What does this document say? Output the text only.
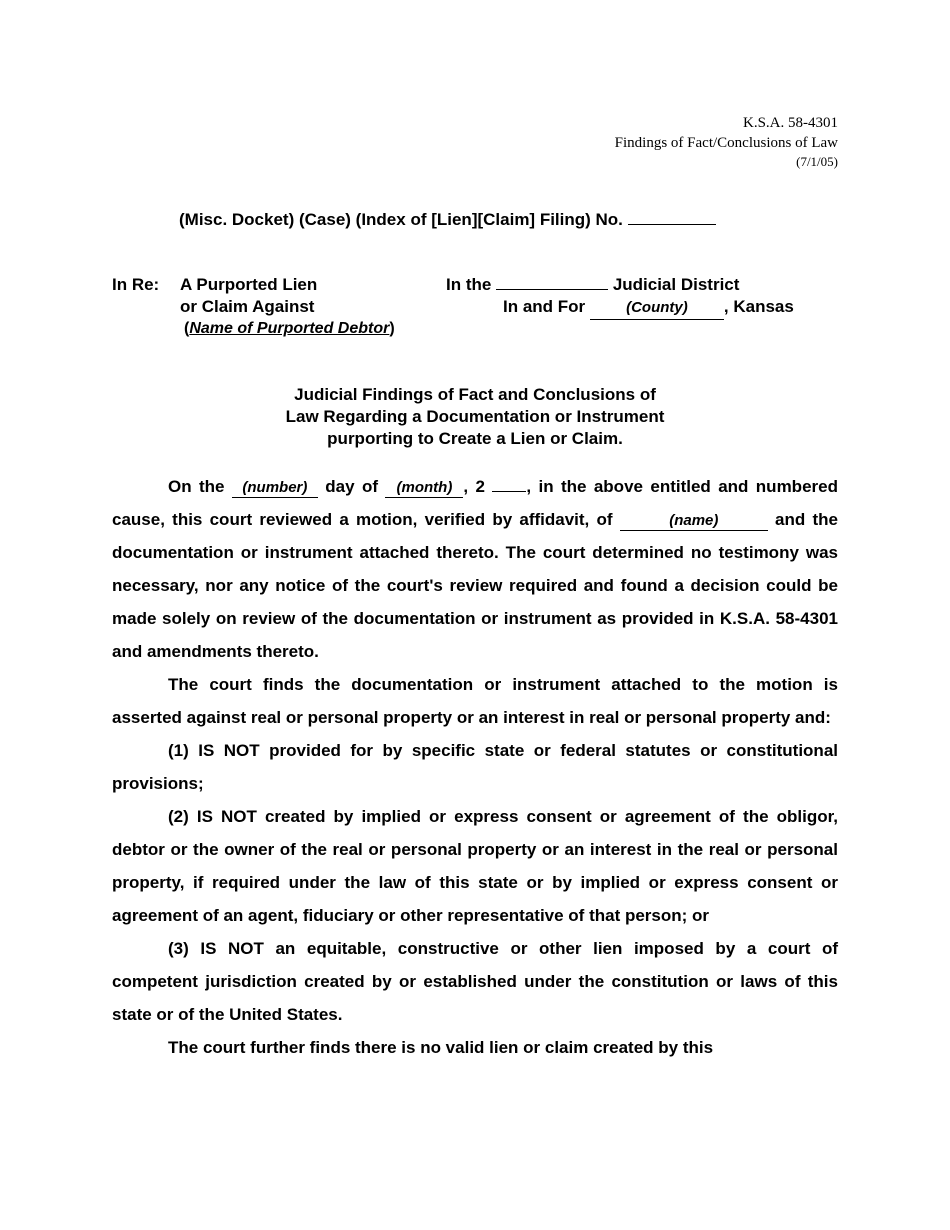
K.S.A. 58-4301
Findings of Fact/Conclusions of Law
(7/1/05)
(Misc. Docket) (Case) (Index of [Lien][Claim] Filing) No.
In Re: A Purported Lien
or Claim Against
(Name of Purported Debtor)
In the	Judicial District
In and For	(County) , Kansas
Judicial Findings of Fact and Conclusions of
Law Regarding a Documentation or Instrument
purporting to Create a Lien or Claim.

On the (number) day of (month) , 2 , in the above entitled and numbered cause, this court reviewed a motion, verified by affidavit, of	(name)	and the documentation or instrument attached thereto. The court determined no testimony was necessary, nor any notice of the court's review required and found a decision could be made solely on review of the documentation or instrument as provided in K.S.A. 58-4301 and amendments thereto.

The court finds the documentation or instrument attached to the motion is asserted against real or personal property or an interest in real or personal property and:

(1) IS NOT provided for by specific state or federal statutes or constitutional provisions;

(2) IS NOT created by implied or express consent or agreement of the obligor, debtor or the owner of the real or personal property or an interest in the real or personal property, if required under the law of this state or by implied or express consent or agreement of an agent, fiduciary or other representative of that person; or

(3) IS NOT an equitable, constructive or other lien imposed by a court of competent jurisdiction created by or established under the constitution or laws of this state or of the United States.

The court further finds there is no valid lien or claim created by this
